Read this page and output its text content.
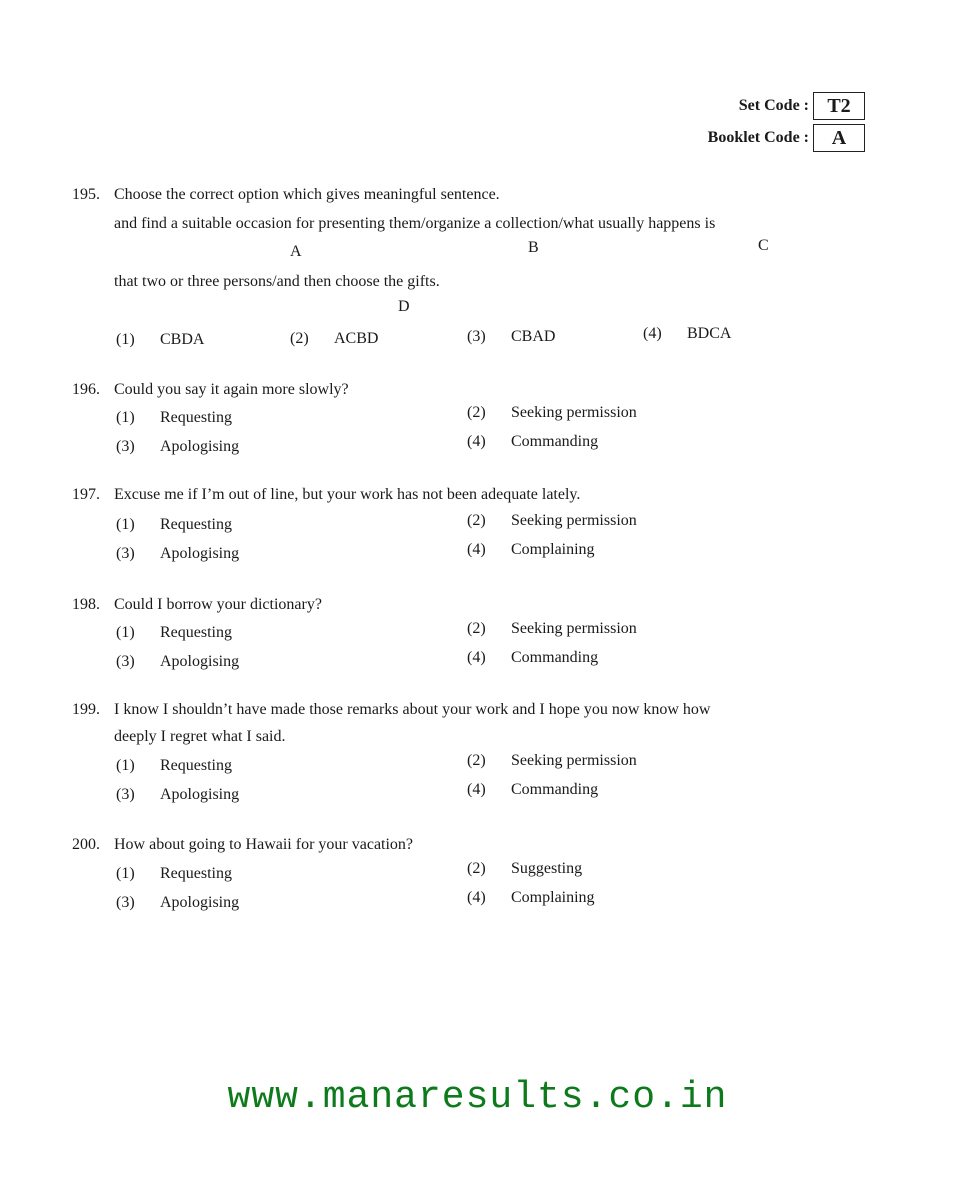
Set Code : T2
Booklet Code :	A
195. Choose the correct option which gives meaningful sentence.
and find a suitable occasion for presenting them/organize a collection/what usually happens is
A	B	C
that two or three persons/and then choose the gifts.
D
(1) CBDA	(2) ACBD	(3) CBAD	(4) BDCA
196. Could you say it again more slowly?
(1) Requesting	(2) Seeking permission
(3) Apologising	(4) Commanding
197. Excuse me if I’m out of line, but your work has not been adequate lately.
(1) Requesting	(2) Seeking permission
(3) Apologising	(4) Complaining
198. Could I borrow your dictionary?
(1) Requesting	(2) Seeking permission
(3) Apologising	(4) Commanding
199. I know I shouldn’t have made those remarks about your work and I hope you now know how
deeply I regret what I said.
(1) Requesting	(2) Seeking permission
(3) Apologising	(4) Commanding
200. How about going to Hawaii for your vacation?
(1) Requesting	(2) Suggesting
(3) Apologising	(4) Complaining
www.manaresults.co.in
